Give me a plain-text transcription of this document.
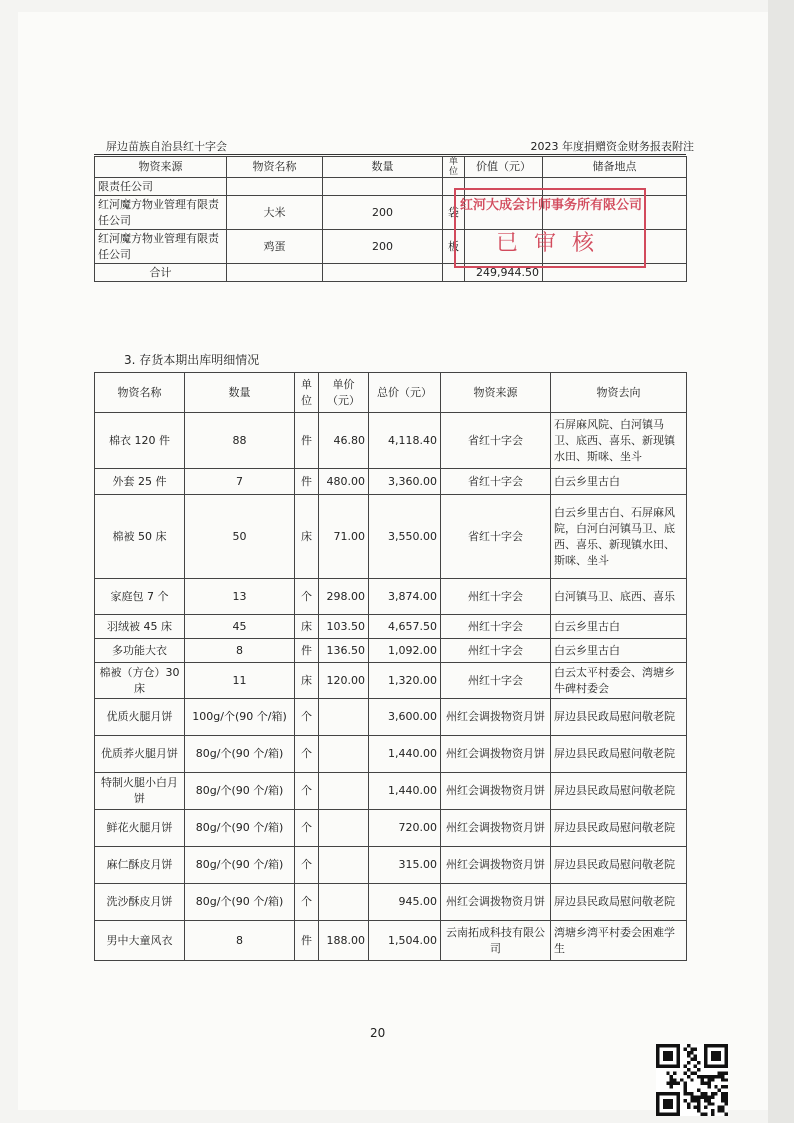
屏边苗族自治县红十字会	2023 年度捐赠资金财务报表附注
物资来源	物资名称	数量	单位	价值（元）	储备地点
限责任公司					
红河魔方物业管理有限责任公司	大米	200	袋		
红河魔方物业管理有限责任公司	鸡蛋	200	板		
合计				249,944.50	
红河大成会计师事务所有限公司
已审核
3. 存货本期出库明细情况
物资名称	数量	单位	单价（元）	总价（元）	物资来源	物资去向
棉衣 120 件	88	件	46.80	4,118.40	省红十字会	石屏麻风院、白河镇马卫、底西、喜乐、新现镇水田、斯咪、坐斗
外套 25 件	7	件	480.00	3,360.00	省红十字会	白云乡里古白
棉被 50 床	50	床	71.00	3,550.00	省红十字会	白云乡里古白、石屏麻风院，白河白河镇马卫、底西、喜乐、新现镇水田、斯咪、坐斗
家庭包 7 个	13	个	298.00	3,874.00	州红十字会	白河镇马卫、底西、喜乐
羽绒被 45 床	45	床	103.50	4,657.50	州红十字会	白云乡里古白
多功能大衣	8	件	136.50	1,092.00	州红十字会	白云乡里古白
棉被（方仓）30 床	11	床	120.00	1,320.00	州红十字会	白云太平村委会、湾塘乡牛碑村委会
优质火腿月饼	100g/个(90 个/箱)	个		3,600.00	州红会调拨物资月饼	屏边县民政局慰问敬老院
优质荞火腿月饼	80g/个(90 个/箱)	个		1,440.00	州红会调拨物资月饼	屏边县民政局慰问敬老院
特制火腿小白月饼	80g/个(90 个/箱)	个		1,440.00	州红会调拨物资月饼	屏边县民政局慰问敬老院
鲜花火腿月饼	80g/个(90 个/箱)	个		720.00	州红会调拨物资月饼	屏边县民政局慰问敬老院
麻仁酥皮月饼	80g/个(90 个/箱)	个		315.00	州红会调拨物资月饼	屏边县民政局慰问敬老院
洗沙酥皮月饼	80g/个(90 个/箱)	个		945.00	州红会调拨物资月饼	屏边县民政局慰问敬老院
男中大童风衣	8	件	188.00	1,504.00	云南拓成科技有限公司	湾塘乡湾平村委会困难学生
20
